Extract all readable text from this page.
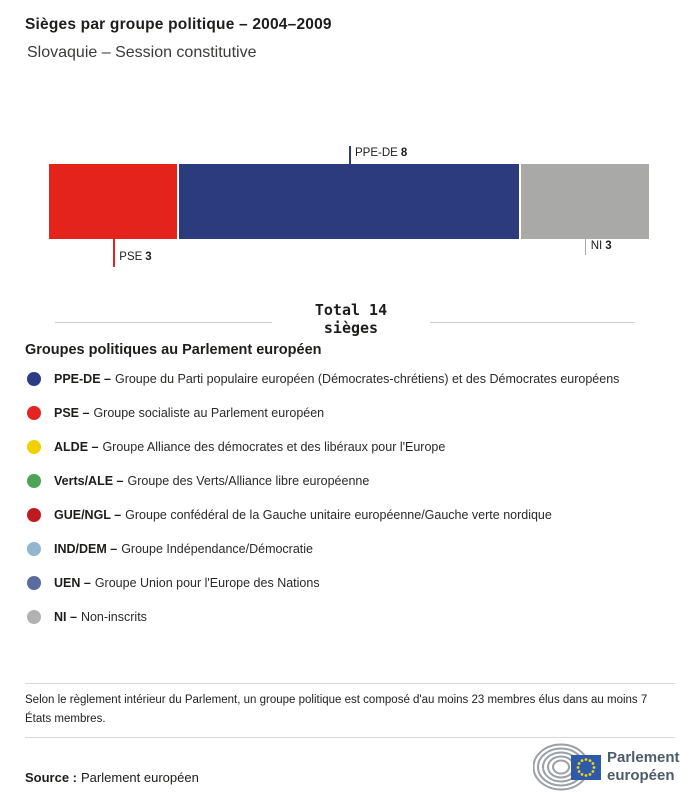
Sièges par groupe politique – 2004–2009
Slovaquie – Session constitutive
PPE-DE 8
PSE 3
NI 3
Total 14
sièges
Groupes politiques au Parlement européen
PPE-DE – Groupe du Parti populaire européen (Démocrates-chrétiens) et des Démocrates européens
PSE – Groupe socialiste au Parlement européen
ALDE – Groupe Alliance des démocrates et des libéraux pour l'Europe
Verts/ALE – Groupe des Verts/Alliance libre européenne
GUE/NGL – Groupe confédéral de la Gauche unitaire européenne/Gauche verte nordique
IND/DEM – Groupe Indépendance/Démocratie
UEN – Groupe Union pour l'Europe des Nations
NI – Non-inscrits
Selon le règlement intérieur du Parlement, un groupe politique est composé d'au moins 23 membres élus dans au moins 7 États membres.
Source : Parlement européen
Parlement
européen
